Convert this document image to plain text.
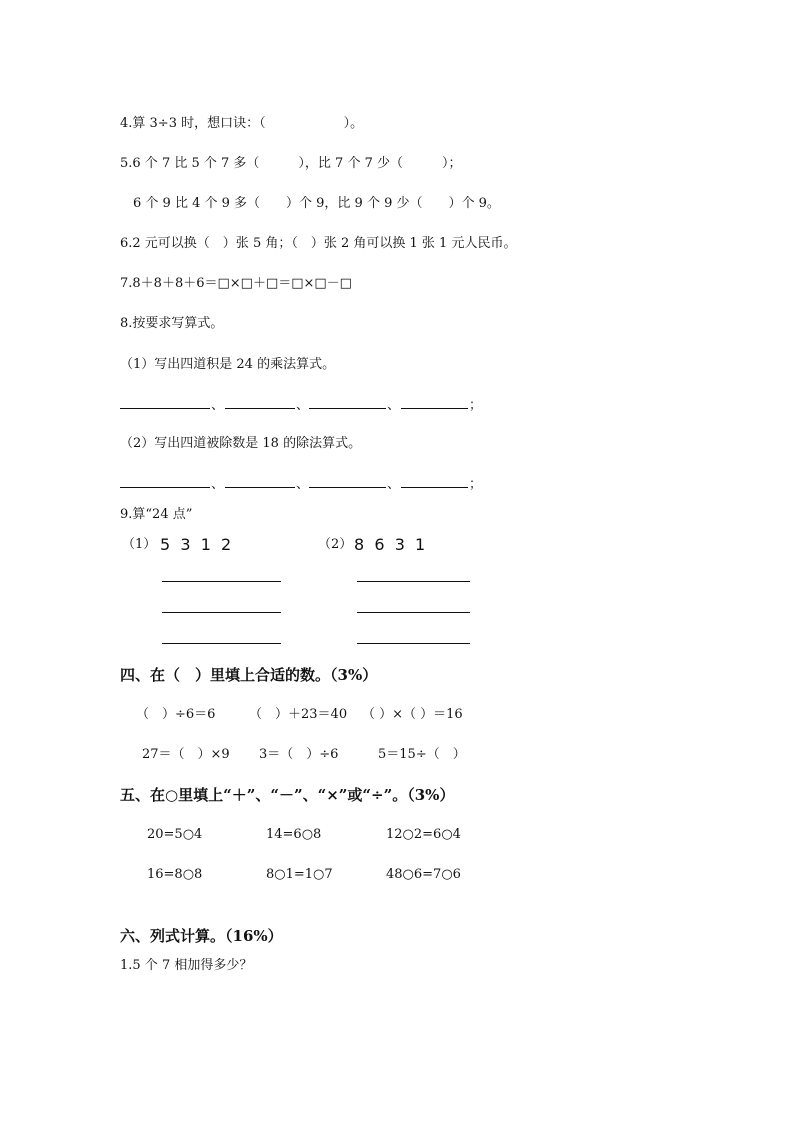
4.算 3÷3 时，想口诀：（　　　　　　）。
5.6 个 7 比 5 个 7 多（　　　），比 7 个 7 少（　　　）；
6 个 9 比 4 个 9 多（　　）个 9，比 9 个 9 少（　　）个 9。
6.2 元可以换（　）张 5 角；（　）张 2 角可以换 1 张 1 元人民币。
7.8＋8＋8＋6＝□×□＋□＝□×□－□
8.按要求写算式。
（1）写出四道积是 24 的乘法算式。
、	、	、	；
（2）写出四道被除数是 18 的除法算式。
、	、	、	；
9.算“24 点”
（1） 5  3  1  2	（2） 8  6  3  1
四、在（　）里填上合适的数。（3%）
（　）÷6＝6	（　）＋23＝40 （ ）×（ ）＝16
27＝（　）×9 3＝（　）÷6	5＝15÷（　）
五、在○里填上“＋”、“－”、“×”或“÷”。（3%）
20=5○4	14=6○8	12○2=6○4
16=8○8	8○1=1○7	48○6=7○6
六、列式计算。（16%）
1.5 个 7 相加得多少？
